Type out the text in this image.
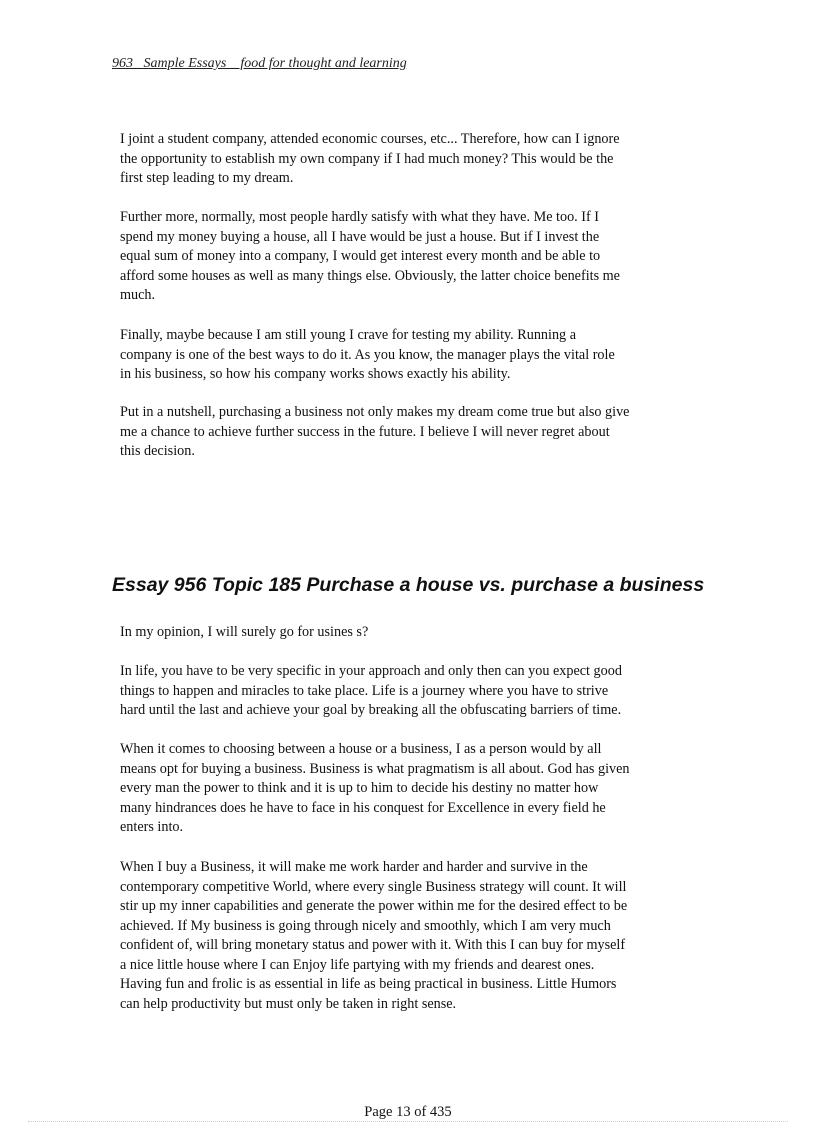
963_ Sample Essays _ food for thought and learning

I joint a student company, attended economic courses, etc... Therefore, how can I ignore
the opportunity to establish my own company if I had much money? This would be the
first step leading to my dream.

Further more, normally, most people hardly satisfy with what they have. Me too. If I
spend my money buying a house, all I have would be just a house. But if I invest the
equal sum of money into a company, I would get interest every month and be able to
afford some houses as well as many things else. Obviously, the latter choice benefits me
much.

Finally, maybe because I am still young I crave for testing my ability. Running a
company is one of the best ways to do it. As you know, the manager plays the vital role
in his business, so how his company works shows exactly his ability.

Put in a nutshell, purchasing a business not only makes my dream come true but also give
me a chance to achieve further success in the future. I believe I will never regret about
this decision.

Essay 956 Topic 185 Purchase a house vs. purchase a business

In my opinion, I will surely go for usines s?

In life, you have to be very specific in your approach and only then can you expect good
things to happen and miracles to take place. Life is a journey where you have to strive
hard until the last and achieve your goal by breaking all the obfuscating barriers of time.

When it comes to choosing between a house or a business, I as a person would by all
means opt for buying a business. Business is what pragmatism is all about. God has given
every man the power to think and it is up to him to decide his destiny no matter how
many hindrances does he have to face in his conquest for Excellence in every field he
enters into.

When I buy a Business, it will make me work harder and harder and survive in the
contemporary competitive World, where every single Business strategy will count. It will
stir up my inner capabilities and generate the power within me for the desired effect to be
achieved. If My business is going through nicely and smoothly, which I am very much
confident of, will bring monetary status and power with it. With this I can buy for myself
a nice little house where I can Enjoy life partying with my friends and dearest ones.
Having fun and frolic is as essential in life as being practical in business. Little Humors
can help productivity but must only be taken in right sense.

Page 13 of 435
